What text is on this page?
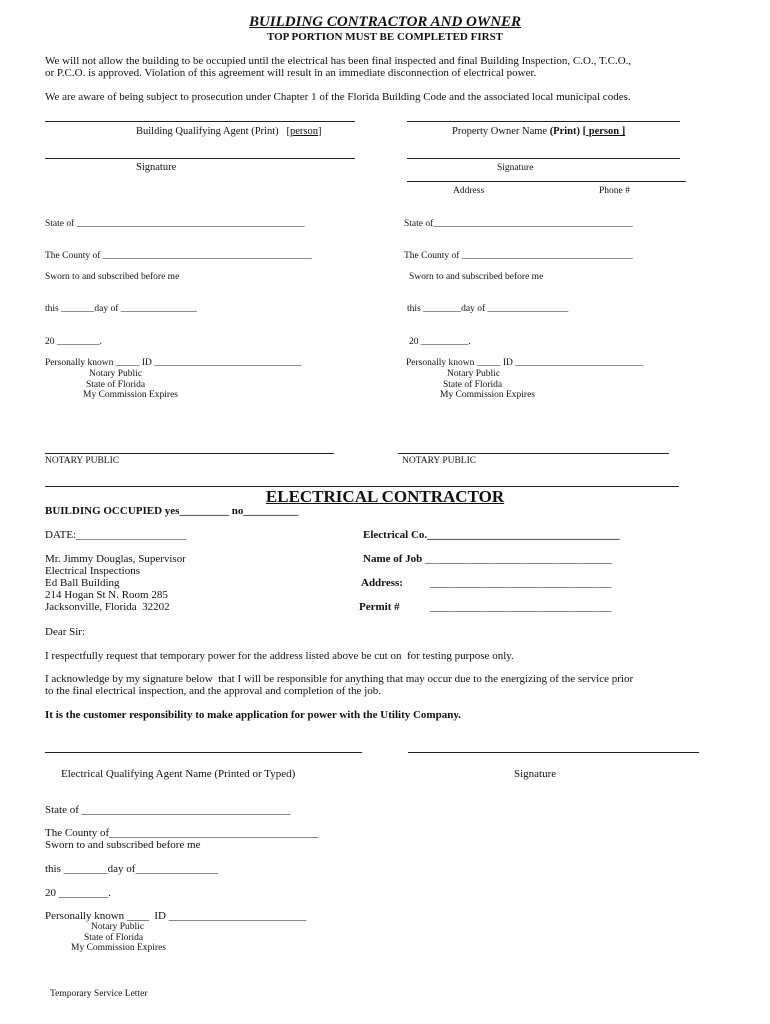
BUILDING CONTRACTOR AND OWNER
TOP PORTION MUST BE COMPLETED FIRST
We will not allow the building to be occupied until the electrical has been final inspected and final Building Inspection, C.O., T.C.O.,
or P.C.O. is approved. Violation of this agreement will result in an immediate disconnection of electrical power.
We are aware of being subject to prosecution under Chapter 1 of the Florida Building Code and the associated local municipal codes.
Building Qualifying Agent (Print)   [person]
Signature
Property Owner Name (Print) [ person ]
Signature
Address	Phone #
State of ________________________________________________
The County of ____________________________________________
Sworn to and subscribed before me
this _______day of ________________
20 _________.
Personally known _____ ID _______________________________
Notary Public
State of Florida
My Commission Expires
State of__________________________________________
The County of ____________________________________
Sworn to and subscribed before me
this ________day of _________________
20 __________.
Personally known _____ ID ___________________________
Notary Public
State of Florida
My Commission Expires
NOTARY PUBLIC	NOTARY PUBLIC
ELECTRICAL CONTRACTOR
BUILDING OCCUPIED yes_________ no__________
DATE:____________________	Electrical Co.___________________________________
Mr. Jimmy Douglas, Supervisor
Electrical Inspections
Ed Ball Building
214 Hogan St N. Room 285
Jacksonville, Florida  32202
Name of Job __________________________________
Address: _________________________________
Permit #	_________________________________
Dear Sir:
I respectfully request that temporary power for the address listed above be cut on  for testing purpose only.
I acknowledge by my signature below  that I will be responsible for anything that may occur due to the energizing of the service prior
to the final electrical inspection, and the approval and completion of the job.
It is the customer responsibility to make application for power with the Utility Company.
Electrical Qualifying Agent Name (Printed or Typed)	Signature
State of ______________________________________
The County of______________________________________
Sworn to and subscribed before me
this ________day of_______________
20 _________.
Personally known ____  ID _________________________
Notary Public
State of Florida
My Commission Expires
Temporary Service Letter
